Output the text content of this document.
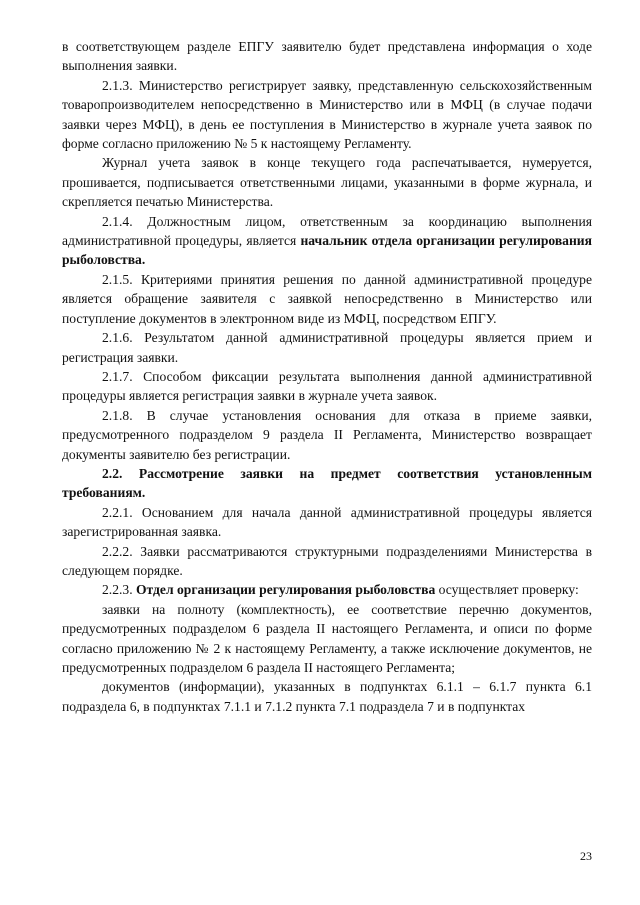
в соответствующем разделе ЕПГУ заявителю будет представлена информация о ходе выполнения заявки.

2.1.3. Министерство регистрирует заявку, представленную сельскохозяйственным товаропроизводителем непосредственно в Министерство или в МФЦ (в случае подачи заявки через МФЦ), в день ее поступления в Министерство в журнале учета заявок по форме согласно приложению № 5 к настоящему Регламенту.

Журнал учета заявок в конце текущего года распечатывается, нумеруется, прошивается, подписывается ответственными лицами, указанными в форме журнала, и скрепляется печатью Министерства.

2.1.4. Должностным лицом, ответственным за координацию выполнения административной процедуры, является начальник отдела организации регулирования рыболовства.

2.1.5. Критериями принятия решения по данной административной процедуре является обращение заявителя с заявкой непосредственно в Министерство или поступление документов в электронном виде из МФЦ, посредством ЕПГУ.

2.1.6. Результатом данной административной процедуры является прием и регистрация заявки.

2.1.7. Способом фиксации результата выполнения данной административной процедуры является регистрация заявки в журнале учета заявок.

2.1.8. В случае установления основания для отказа в приеме заявки, предусмотренного подразделом 9 раздела II Регламента, Министерство возвращает документы заявителю без регистрации.

2.2. Рассмотрение заявки на предмет соответствия установленным требованиям.

2.2.1. Основанием для начала данной административной процедуры является зарегистрированная заявка.

2.2.2. Заявки рассматриваются структурными подразделениями Министерства в следующем порядке.

2.2.3. Отдел организации регулирования рыболовства осуществляет проверку:

заявки на полноту (комплектность), ее соответствие перечню документов, предусмотренных подразделом 6 раздела II настоящего Регламента, и описи по форме согласно приложению № 2 к настоящему Регламенту, а также исключение документов, не предусмотренных подразделом 6 раздела II настоящего Регламента;

документов (информации), указанных в подпунктах 6.1.1 – 6.1.7 пункта 6.1 подраздела 6, в подпунктах 7.1.1 и 7.1.2 пункта 7.1 подраздела 7 и в подпунктах

23
